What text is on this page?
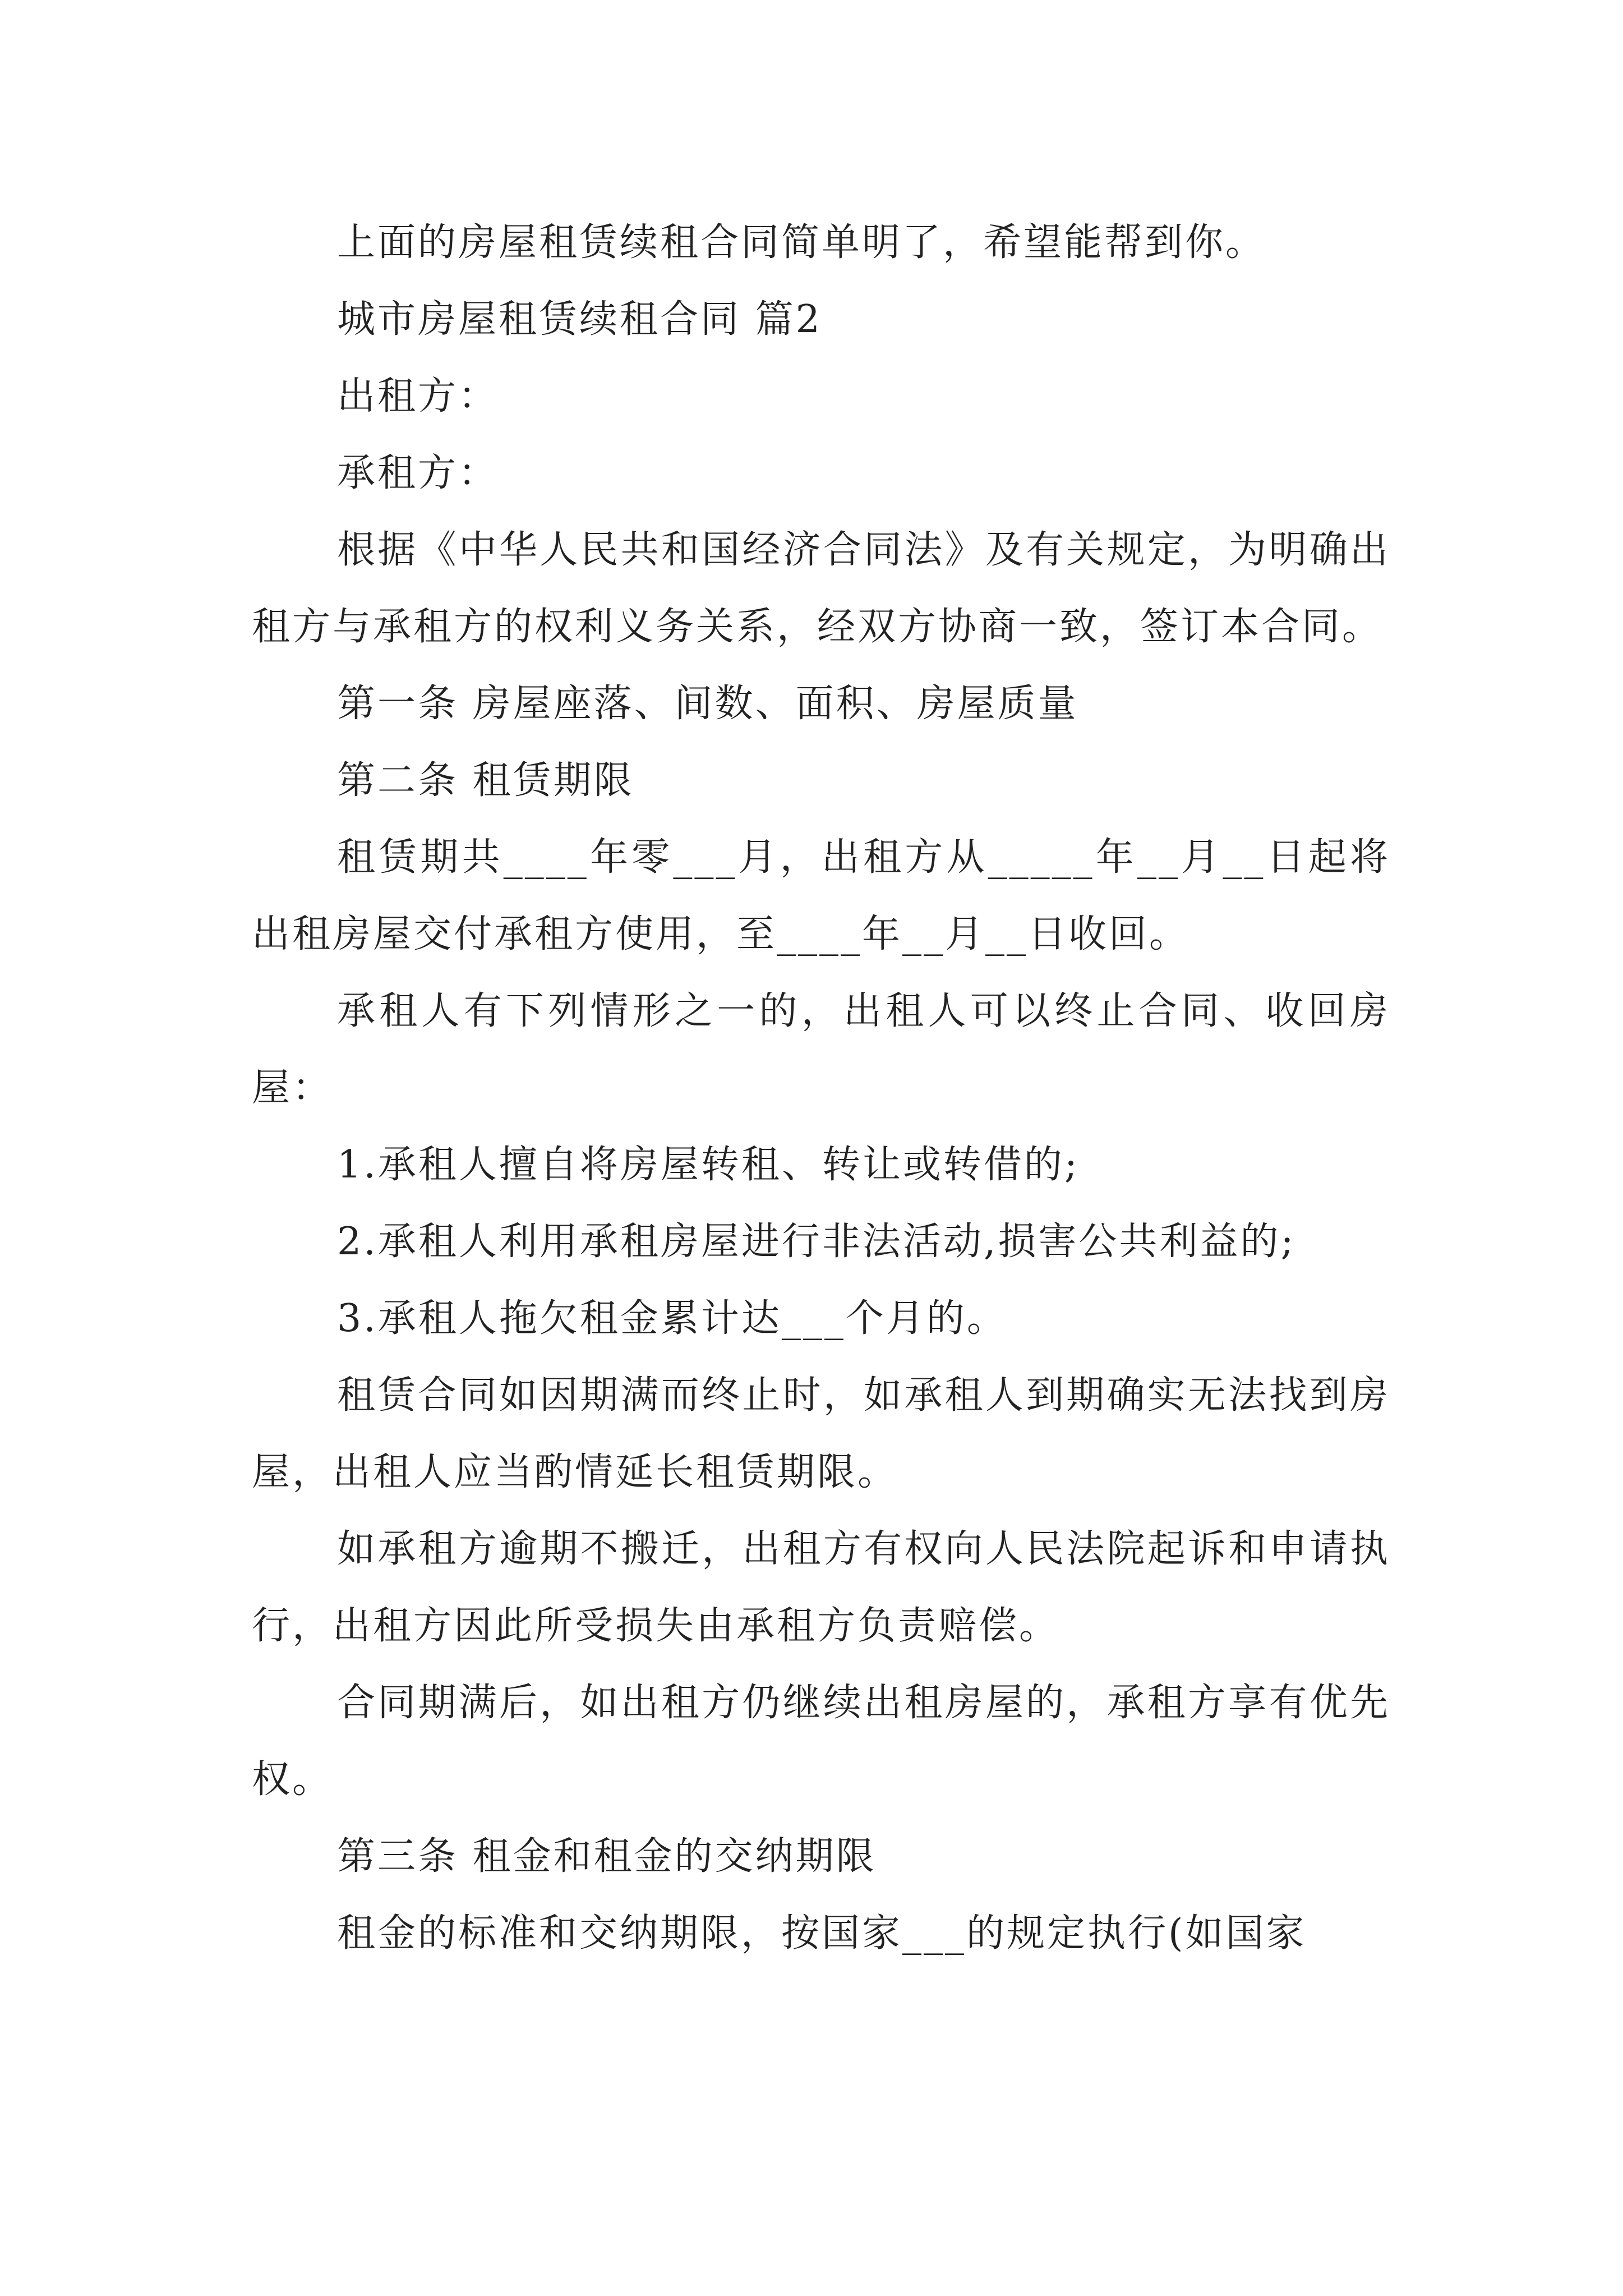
上面的房屋租赁续租合同简单明了，希望能帮到你。

城市房屋租赁续租合同 篇2

出租方：

承租方：

根据《中华人民共和国经济合同法》及有关规定，为明确出租方与承租方的权利义务关系，经双方协商一致，签订本合同。

第一条 房屋座落、间数、面积、房屋质量

第二条 租赁期限

租赁期共____年零___月，出租方从_____年__月__日起将出租房屋交付承租方使用，至____年__月__日收回。

承租人有下列情形之一的，出租人可以终止合同、收回房屋：

1.承租人擅自将房屋转租、转让或转借的;

2.承租人利用承租房屋进行非法活动,损害公共利益的;

3.承租人拖欠租金累计达___个月的。

租赁合同如因期满而终止时，如承租人到期确实无法找到房屋，出租人应当酌情延长租赁期限。

如承租方逾期不搬迁，出租方有权向人民法院起诉和申请执行，出租方因此所受损失由承租方负责赔偿。

合同期满后，如出租方仍继续出租房屋的，承租方享有优先权。

第三条 租金和租金的交纳期限

租金的标准和交纳期限，按国家___的规定执行(如国家
